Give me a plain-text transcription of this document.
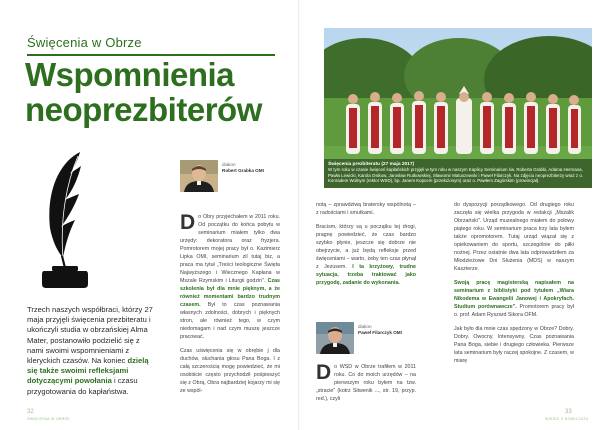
Święcenia w Obrze
Wspomnienia neoprezbiterów

Trzech naszych współbraci, którzy 27 maja przyjęli święcenia prezbiteratu i ukończyli studia w obrzańskiej Alma Mater, postanowiło podzielić się z nami swoimi wspomnieniami z kleryckich czasów. Na koniec dzielą się także swoimi refleksjami dotyczącymi powołania i czasu przygotowania do kapłaństwa.

32
ŚWIĘCENIA W OBRZE
diakon
Robert Grabka OMI

Do Obry przyjechałem w 2011 roku. Od początku do końca pobytu w seminarium miałem tylko dwa urzędy: dekoratora oraz fryzjera. Pomrotorem mojej pracy był o. Kazimierz Lipka OMI, seminarium zil tutaj biz, a praca ma tytuł „Treści teologiczne Święta Najwyższego i Wiecznego Kapłana w Mszale Rzymskim i Liturgii godzin". Czas szkolenia był dla mnie pięknym, a że również momentami bardzo trudnym czasem. Był to czas poznawania własnych zdolności, dobrych i pięknych stron, ale również tego, w czym niedomagam i nad czym muszę jeszcze pracować.

Czas uświęcenia się w obrębie j dla duchów, słuchania głosu Pana Boga. I z całą szczerością mogę powiedzieć, że mi osobiście często przychodził pośpieszyć się z Obrą, Obra najbardziej kojarzy mi się ze wspól-

Święcenia prezbiteratu (27 maja 2017)
W tym roku w czasie święceń kapłańskich przyjęli w tym roku w naszym Kaplicy Seminarium św. Roberta Grabki, Adama Hermana, Pawła Lewicki, Karola Osikow, Jarosław Rutkowskiej, Sławomir Matuszewski i Paweł Filarczyk. Na zdjęciu neoprezbiterzy wraz z o. Konradem Wolnym (rektor WSD), bp. Janem Kopcem (przełożonym) oraz o. Pawłem Zagórskim (prowincjał).

notą – zprawdziwą bratersky wspólnotą – z radościami i smutkami.

Bracism, którzy są u początku tej drogi, pragnę powiedzieć, że czas bardzo szybko płynie, jeszcze się dobrze nie obejrzycie, a już będą refleksje przed święceniami – warto, żeby ten czas płynął z Jezusem. I ta krzyżowy, trudne sytuacja, trzeba traktować jako przygodę, zadanie do wykonania.

diakon
Paweł Filarczyk OMI

Do WSD w Obrze trafiłem w 2011 roku. Co do moich urzędów – na pierwszym roku byłem na tzw. „stracie" (kotrz Sitwenik ..., str. 19, przyp. red.), czyli

do dyspozycji porządkowego. Od drugiego roku zaczęła się wielka przygoda w redakcji „Mszalik Obrzański". Urząd muzealnego miałem do połowy piątego roku. W seminarium praca trzy lata byłem także opromotorem. Tutaj urząd wiązał się z opiekowaniem do sportu, szczególnie do piłki nożnej. Przez ostatnie dwa lata odprowadziłem za Młodzieżowe Dni Służenia (MDS) w naszym Kaszterze.

Swoją pracę magisterską napisałem na seminarium z biblistyki pod tytułem „Wiara Nikodema w Ewangelii Janowej i Apokryfach. Studium porównawcze". Promotorem pracy był o. prof. Adam Ryszard Sikora OFM.

Jak było dla mnie czas spędzony w Obrze? Dobry. Dobry. Owocny. Intensywny. Czas poznawania Pana Boga, siebie i drugiego człowieka. Pierwsze lata seminarium były raczej spokojne. Z czasem, w miarę

33
WIEŚCI Z NOWICJATU
